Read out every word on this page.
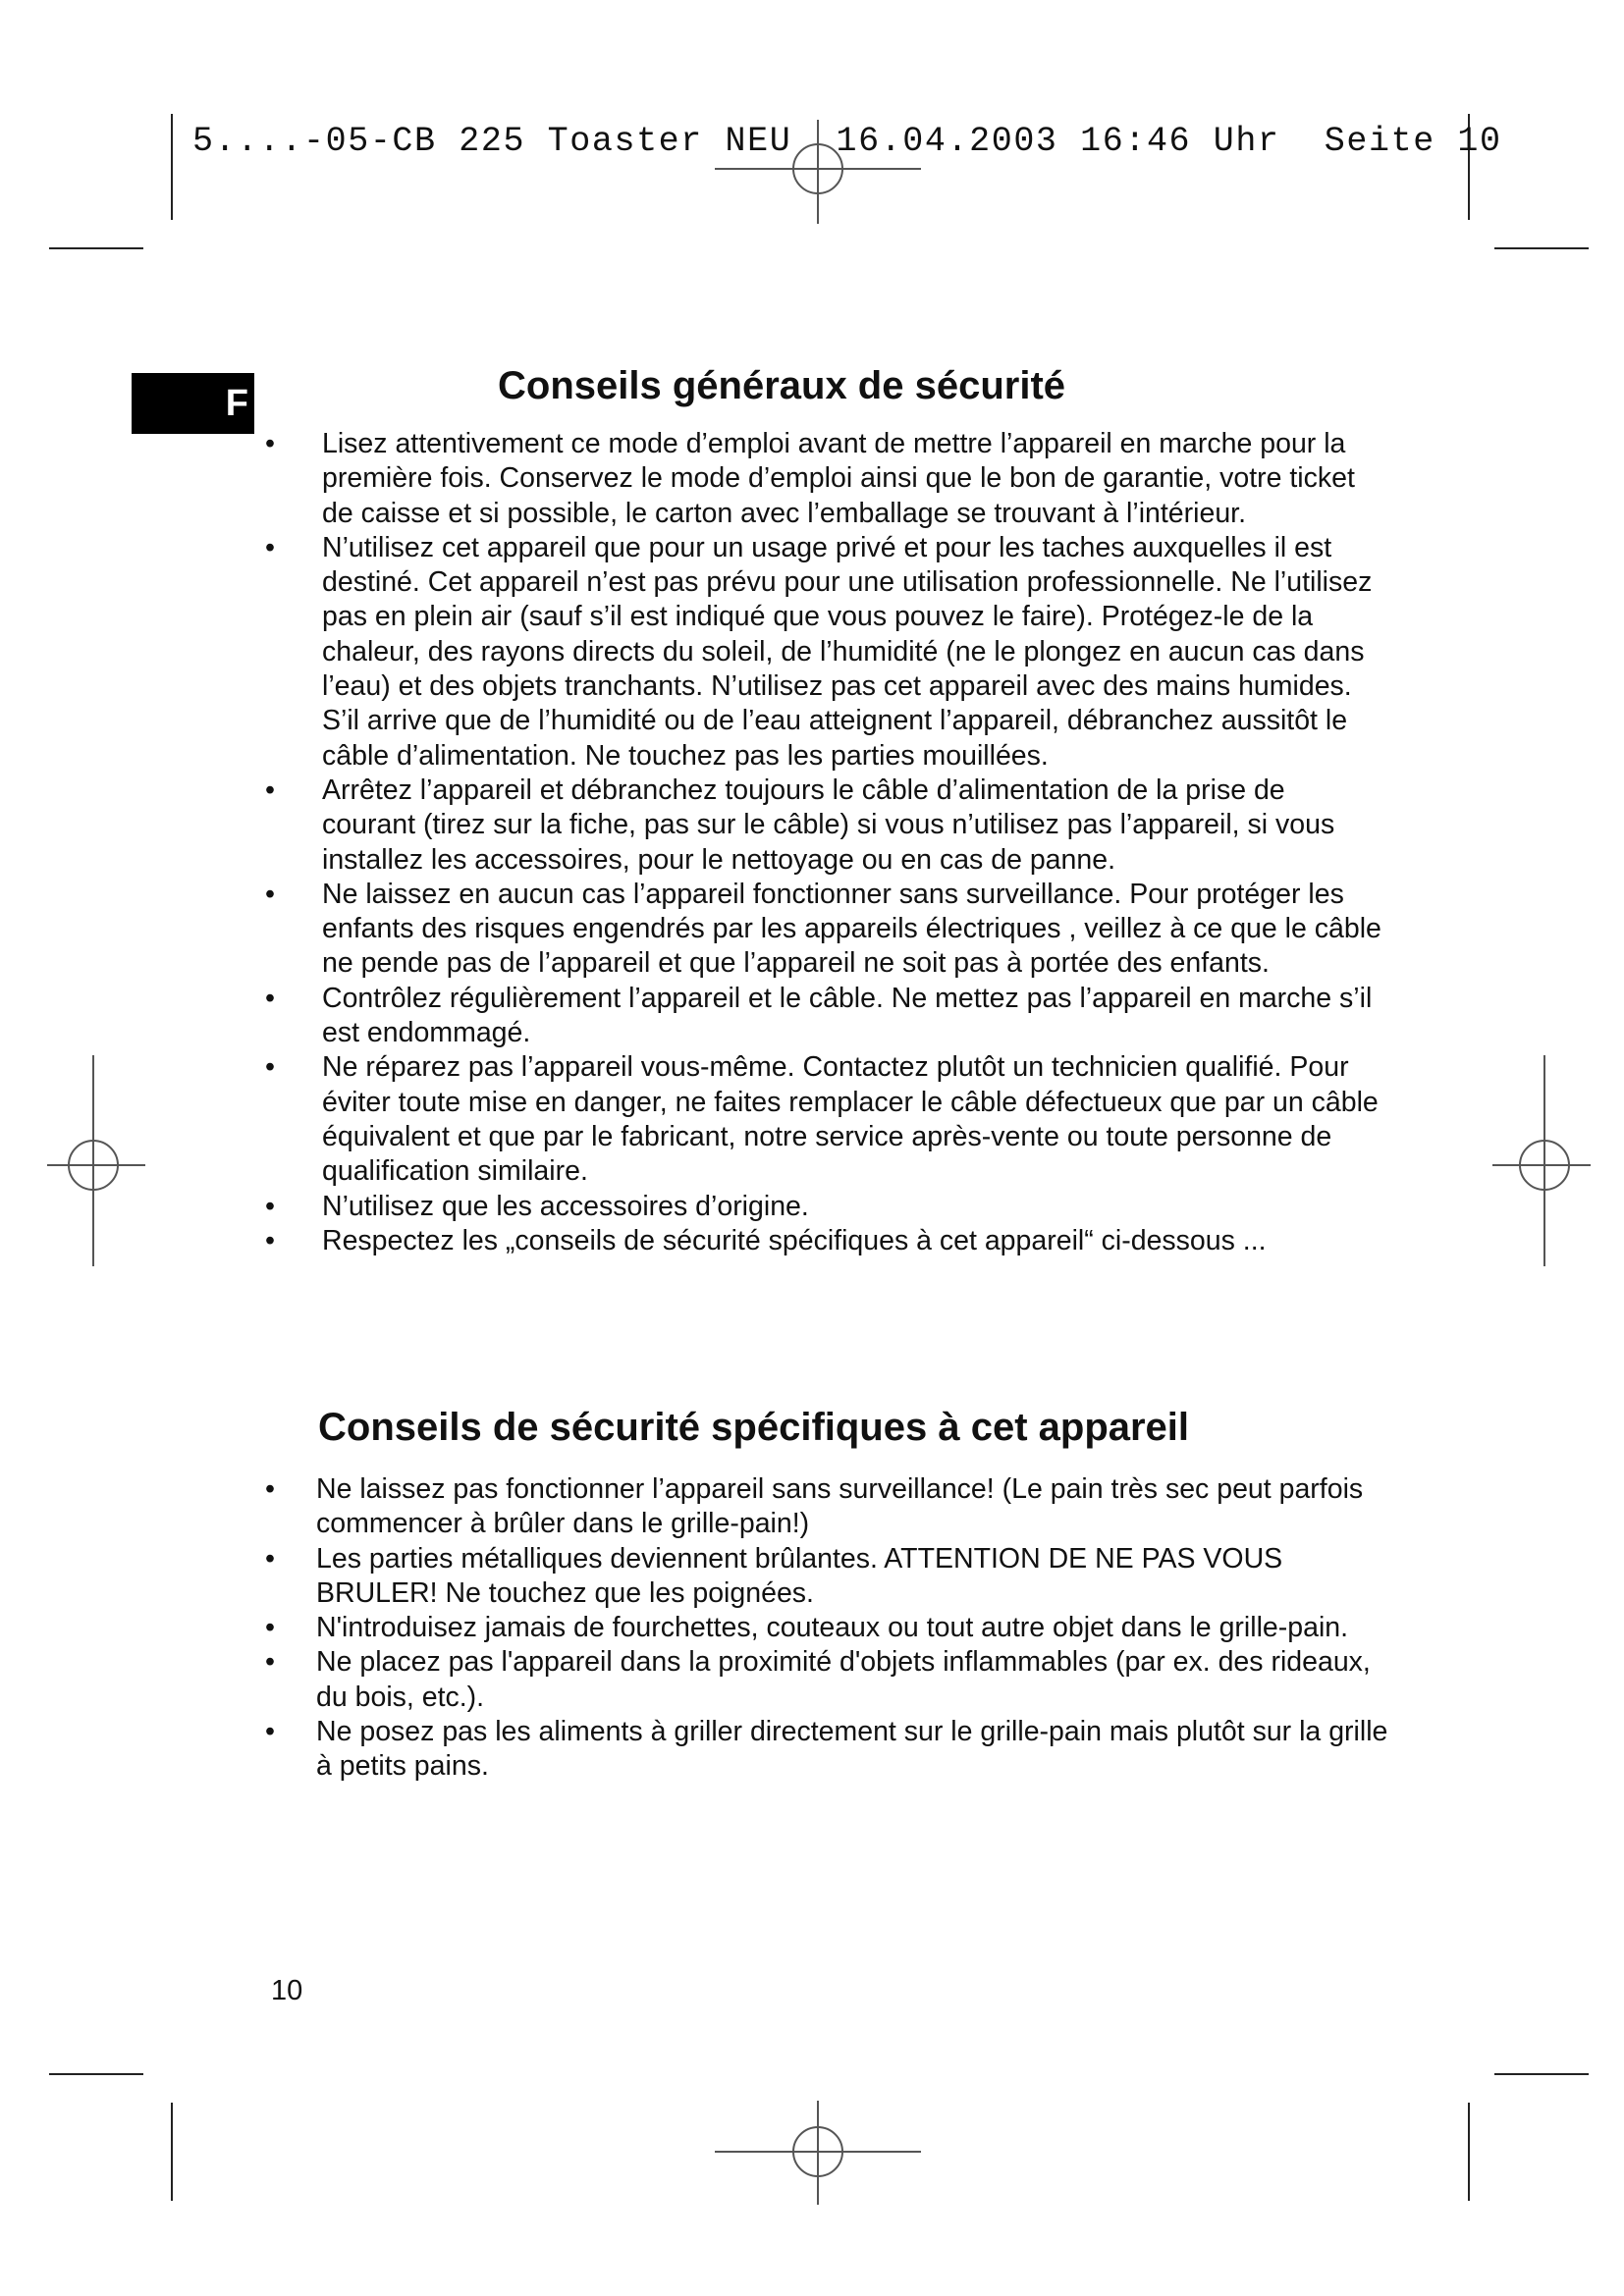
5....-05-CB 225 Toaster NEU  16.04.2003 16:46 Uhr  Seite 10
F	Conseils généraux de sécurité
•	Lisez attentivement ce mode d’emploi avant de mettre l’appareil en marche pour la première fois. Conservez le mode d’emploi ainsi que le bon de garantie, votre ticket de caisse et si possible, le carton avec l’emballage se trouvant à l’intérieur.
•	N’utilisez cet appareil que pour un usage privé et pour les taches auxquelles il est destiné. Cet appareil n’est pas prévu pour une utilisation professionnelle. Ne l’utilisez pas en plein air (sauf s’il est indiqué que vous pouvez le faire). Protégez-le de la chaleur, des rayons directs du soleil, de l’humidité (ne le plongez en aucun cas dans l’eau) et des objets tranchants. N’utilisez pas cet appareil avec des mains humides. S’il arrive que de l’humidité ou de l’eau atteignent l’appareil, débranchez aussitôt le câble d’alimentation. Ne touchez pas les parties mouillées.
•	Arrêtez l’appareil et débranchez toujours le câble d’alimentation de la prise de courant (tirez sur la fiche, pas sur le câble) si vous n’utilisez pas l’appareil, si vous installez les accessoires, pour le nettoyage ou en cas de panne.
•	Ne laissez en aucun cas l’appareil fonctionner sans surveillance. Pour protéger les enfants des risques engendrés par les appareils électriques , veillez à ce que le câble ne pende pas de l’appareil et que l’appareil ne soit pas à portée des enfants.
•	Contrôlez régulièrement l’appareil et le câble. Ne mettez pas l’appareil en marche s’il est endommagé.
•	Ne réparez pas l’appareil vous-même. Contactez plutôt un technicien qualifié. Pour éviter toute mise en danger, ne faites remplacer le câble défectueux que par un câble équivalent et que par le fabricant, notre service après-vente ou toute personne de qualification similaire.
•	N’utilisez que les accessoires d’origine.
•	Respectez les „conseils de sécurité spécifiques à cet appareil“ ci-dessous ...
Conseils de sécurité spécifiques à cet appareil
•	Ne laissez pas fonctionner l’appareil sans surveillance! (Le pain très sec peut parfois commencer à brûler dans le grille-pain!)
•	Les parties métalliques deviennent brûlantes. ATTENTION DE NE PAS VOUS BRULER! Ne touchez que les poignées.
•	N'introduisez jamais de fourchettes, couteaux ou tout autre objet dans le grille-pain.
•	Ne placez pas l'appareil dans la proximité d'objets inflammables (par ex. des rideaux, du bois, etc.).
•	Ne posez pas les aliments à griller directement sur le grille-pain mais plutôt sur la grille à petits pains.
10
